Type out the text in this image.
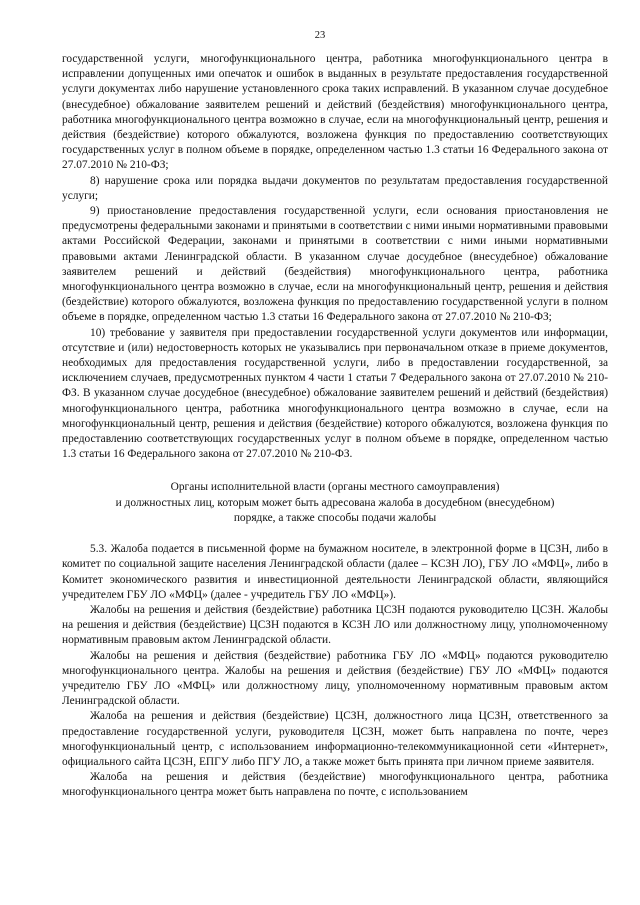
23

государственной услуги, многофункционального центра, работника многофункционального центра в исправлении допущенных ими опечаток и ошибок в выданных в результате предоставления государственной услуги документах либо нарушение установленного срока таких исправлений. В указанном случае досудебное (внесудебное) обжалование заявителем решений и действий (бездействия) многофункционального центра, работника многофункционального центра возможно в случае, если на многофункциональный центр, решения и действия (бездействие) которого обжалуются, возложена функция по предоставлению соответствующих государственных услуг в полном объеме в порядке, определенном частью 1.3 статьи 16 Федерального закона от 27.07.2010 № 210-ФЗ;

8) нарушение срока или порядка выдачи документов по результатам предоставления государственной услуги;

9) приостановление предоставления государственной услуги, если основания приостановления не предусмотрены федеральными законами и принятыми в соответствии с ними иными нормативными правовыми актами Российской Федерации, законами и принятыми в соответствии с ними иными нормативными правовыми актами Ленинградской области. В указанном случае досудебное (внесудебное) обжалование заявителем решений и действий (бездействия) многофункционального центра, работника многофункционального центра возможно в случае, если на многофункциональный центр, решения и действия (бездействие) которого обжалуются, возложена функция по предоставлению государственной услуги в полном объеме в порядке, определенном частью 1.3 статьи 16 Федерального закона от 27.07.2010 № 210-ФЗ;

10) требование у заявителя при предоставлении государственной услуги документов или информации, отсутствие и (или) недостоверность которых не указывались при первоначальном отказе в приеме документов, необходимых для предоставления государственной услуги, либо в предоставлении государственной, за исключением случаев, предусмотренных пунктом 4 части 1 статьи 7 Федерального закона от 27.07.2010 № 210-ФЗ. В указанном случае досудебное (внесудебное) обжалование заявителем решений и действий (бездействия) многофункционального центра, работника многофункционального центра возможно в случае, если на многофункциональный центр, решения и действия (бездействие) которого обжалуются, возложена функция по предоставлению соответствующих государственных услуг в полном объеме в порядке, определенном частью 1.3 статьи 16 Федерального закона от 27.07.2010 № 210-ФЗ.

Органы исполнительной власти (органы местного самоуправления)
и должностных лиц, которым может быть адресована жалоба в досудебном (внесудебном)
порядке, а также способы подачи жалобы

5.3. Жалоба подается в письменной форме на бумажном носителе, в электронной форме в ЦСЗН, либо в комитет по социальной защите населения Ленинградской области (далее – КСЗН ЛО), ГБУ ЛО «МФЦ», либо в Комитет экономического развития и инвестиционной деятельности Ленинградской области, являющийся учредителем ГБУ ЛО «МФЦ» (далее - учредитель ГБУ ЛО «МФЦ»).

Жалобы на решения и действия (бездействие) работника ЦСЗН подаются руководителю ЦСЗН. Жалобы на решения и действия (бездействие) ЦСЗН подаются в КСЗН ЛО или должностному лицу, уполномоченному нормативным правовым актом Ленинградской области.

Жалобы на решения и действия (бездействие) работника ГБУ ЛО «МФЦ» подаются руководителю многофункционального центра. Жалобы на решения и действия (бездействие) ГБУ ЛО «МФЦ» подаются учредителю ГБУ ЛО «МФЦ» или должностному лицу, уполномоченному нормативным правовым актом Ленинградской области.

Жалоба на решения и действия (бездействие) ЦСЗН, должностного лица ЦСЗН, ответственного за предоставление государственной услуги, руководителя ЦСЗН, может быть направлена по почте, через многофункциональный центр, с использованием информационно-телекоммуникационной сети «Интернет», официального сайта ЦСЗН, ЕПГУ либо ПГУ ЛО, а также может быть принята при личном приеме заявителя.

Жалоба на решения и действия (бездействие) многофункционального центра, работника многофункционального центра может быть направлена по почте, с использованием
